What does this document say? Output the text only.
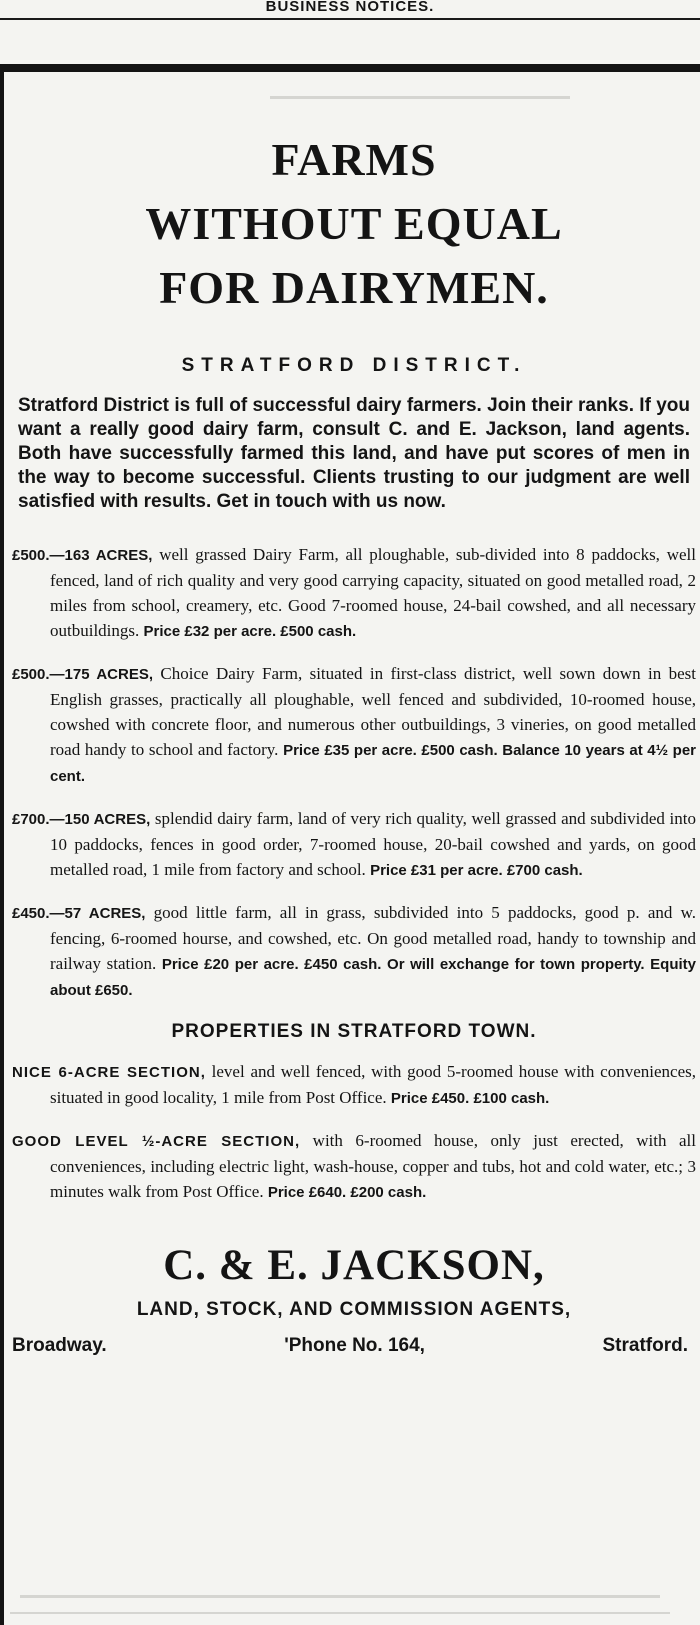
BUSINESS NOTICES.
FARMS
WITHOUT EQUAL
FOR DAIRYMEN.
STRATFORD DISTRICT.

Stratford District is full of successful dairy farmers. Join their ranks. If you want a really good dairy farm, consult C. and E. Jackson, land agents. Both have successfully farmed this land, and have put scores of men in the way to become successful. Clients trusting to our judgment are well satisfied with results. Get in touch with us now.

£500.—163 ACRES, well grassed Dairy Farm, all ploughable, sub-divided into 8 paddocks, well fenced, land of rich quality and very good carrying capacity, situated on good metalled road, 2 miles from school, creamery, etc. Good 7-roomed house, 24-bail cowshed, and all necessary outbuildings. Price £32 per acre. £500 cash.

£500.—175 ACRES, Choice Dairy Farm, situated in first-class district, well sown down in best English grasses, practically all ploughable, well fenced and subdivided, 10-roomed house, cowshed with concrete floor, and numerous other outbuildings, 3 vineries, on good metalled road handy to school and factory. Price £35 per acre. £500 cash. Balance 10 years at 4½ per cent.

£700.—150 ACRES, splendid dairy farm, land of very rich quality, well grassed and subdivided into 10 paddocks, fences in good order, 7-roomed house, 20-bail cowshed and yards, on good metalled road, 1 mile from factory and school. Price £31 per acre. £700 cash.

£450.—57 ACRES, good little farm, all in grass, subdivided into 5 paddocks, good p. and w. fencing, 6-roomed hourse, and cowshed, etc. On good metalled road, handy to township and railway station. Price £20 per acre. £450 cash. Or will exchange for town property. Equity about £650.

PROPERTIES IN STRATFORD TOWN.

NICE 6-ACRE SECTION, level and well fenced, with good 5-roomed house with conveniences, situated in good locality, 1 mile from Post Office. Price £450. £100 cash.

GOOD LEVEL ½-ACRE SECTION, with 6-roomed house, only just erected, with all conveniences, including electric light, wash-house, copper and tubs, hot and cold water, etc.; 3 minutes walk from Post Office. Price £640. £200 cash.

C. & E. JACKSON,
LAND, STOCK, AND COMMISSION AGENTS,
Broadway.	'Phone No. 164,	Stratford.
